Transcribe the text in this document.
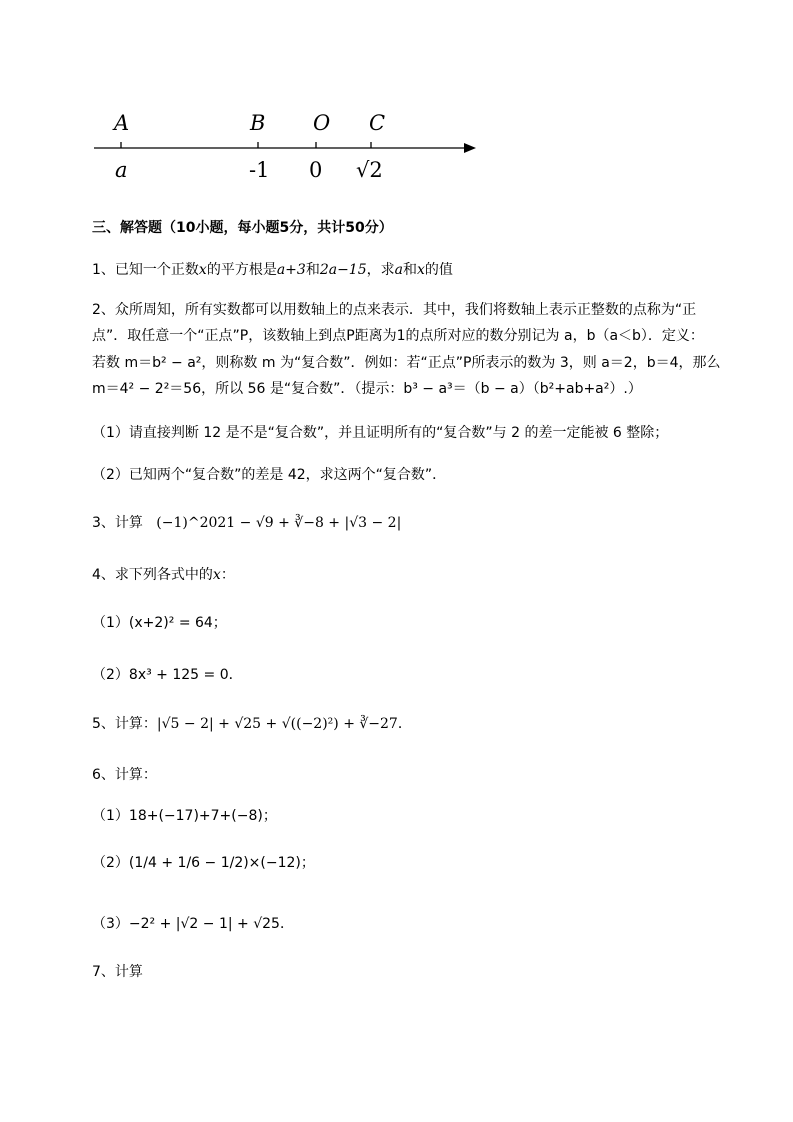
A	B O C
a	-1 0 √2
三、解答题（10小题，每小题5分，共计50分）
1、已知一个正数x的平方根是a+3和2a−15，求a和x的值
2、众所周知，所有实数都可以用数轴上的点来表示．其中，我们将数轴上表示正整数的点称为“正
点”．取任意一个“正点”P，该数轴上到点P距离为1的点所对应的数分别记为 a，b（a＜b）．定义：
若数 m＝b² − a²，则称数 m 为“复合数”．例如：若“正点”P所表示的数为 3，则 a＝2，b＝4，那么
m＝4² − 2²＝56，所以 56 是“复合数”．（提示：b³ − a³＝（b − a）（b²+ab+a²）.）
（1）请直接判断 12 是不是“复合数”，并且证明所有的“复合数”与 2 的差一定能被 6 整除；
（2）已知两个“复合数”的差是 42，求这两个“复合数”．
3、计算 (−1)^2021 − √9 + ∛−8 + |√3 − 2|
4、求下列各式中的x：
（1）(x+2)² = 64；
（2）8x³ + 125 = 0．
5、计算：|√5 − 2| + √25 + √((−2)²) + ∛−27．
6、计算：
（1）18+(−17)+7+(−8)；
（2）(1/4 + 1/6 − 1/2)×(−12)；
（3）−2² + |√2 − 1| + √25．
7、计算
